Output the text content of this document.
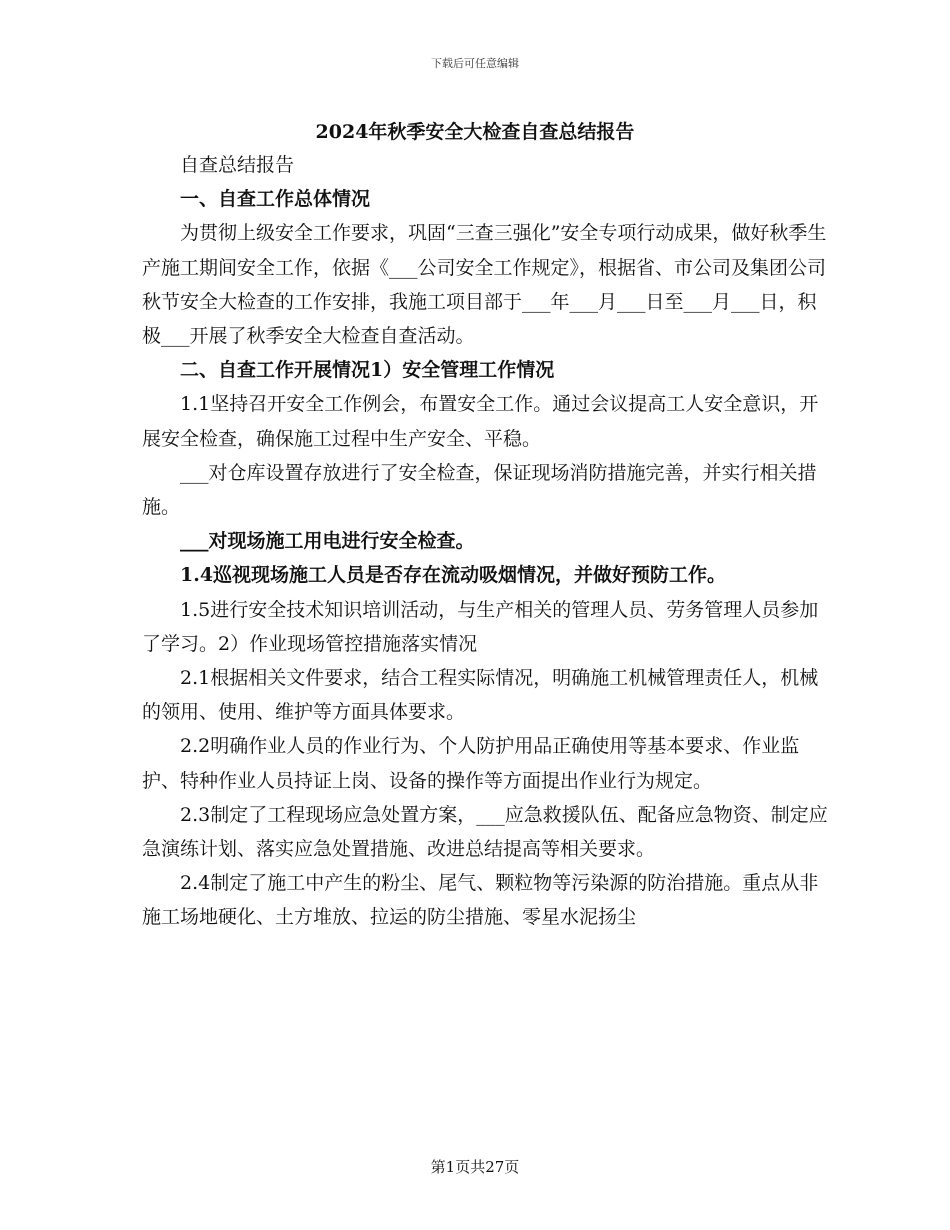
下载后可任意编辑
2024年秋季安全大检查自查总结报告

自查总结报告

一、自查工作总体情况

为贯彻上级安全工作要求，巩固“三查三强化”安全专项行动成果，做好秋季生产施工期间安全工作，依据《___公司安全工作规定》，根据省、市公司及集团公司秋节安全大检查的工作安排，我施工项目部于___年___月___日至___月___日，积极___开展了秋季安全大检查自查活动。

二、自查工作开展情况1）安全管理工作情况

1.1坚持召开安全工作例会，布置安全工作。通过会议提高工人安全意识，开展安全检查，确保施工过程中生产安全、平稳。

___对仓库设置存放进行了安全检查，保证现场消防措施完善，并实行相关措施。

___对现场施工用电进行安全检查。

1.4巡视现场施工人员是否存在流动吸烟情况，并做好预防工作。

1.5进行安全技术知识培训活动，与生产相关的管理人员、劳务管理人员参加了学习。2）作业现场管控措施落实情况

2.1根据相关文件要求，结合工程实际情况，明确施工机械管理责任人，机械的领用、使用、维护等方面具体要求。

2.2明确作业人员的作业行为、个人防护用品正确使用等基本要求、作业监护、特种作业人员持证上岗、设备的操作等方面提出作业行为规定。

2.3制定了工程现场应急处置方案，___应急救援队伍、配备应急物资、制定应急演练计划、落实应急处置措施、改进总结提高等相关要求。

2.4制定了施工中产生的粉尘、尾气、颗粒物等污染源的防治措施。重点从非施工场地硬化、土方堆放、拉运的防尘措施、零星水泥扬尘

第1页共27页
